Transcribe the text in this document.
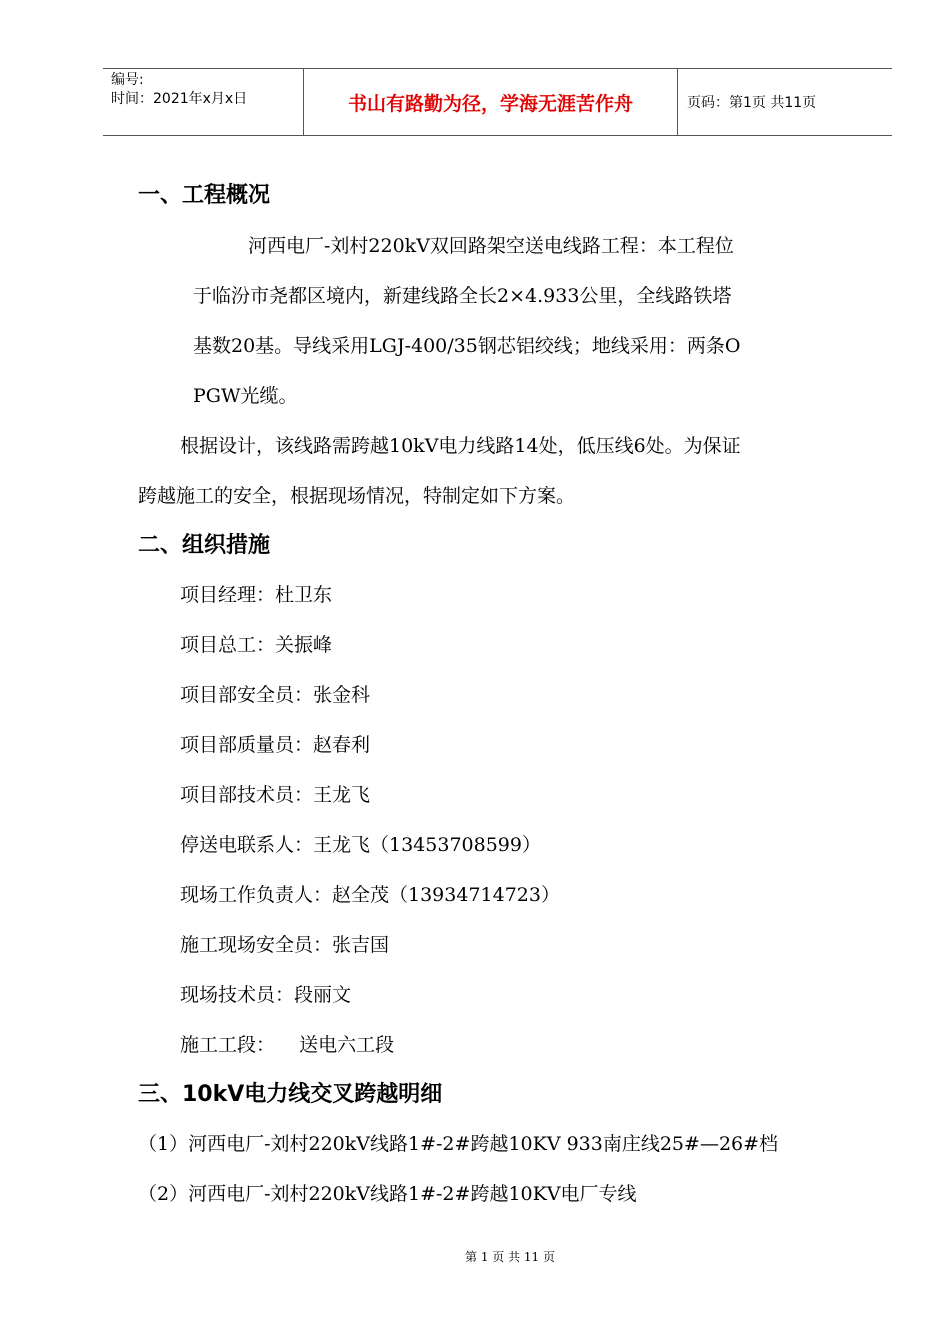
编号:
时间：2021年x月x日	书山有路勤为径，学海无涯苦作舟	页码：第1页 共11页
一、工程概况
河西电厂-刘村220kV双回路架空送电线路工程：本工程位
于临汾市尧都区境内，新建线路全长2×4.933公里，全线路铁塔
基数20基。导线采用LGJ-400/35钢芯铝绞线；地线采用：两条O
PGW光缆。
根据设计，该线路需跨越10kV电力线路14处，低压线6处。为保证
跨越施工的安全，根据现场情况，特制定如下方案。
二、组织措施
项目经理：杜卫东
项目总工：关振峰
项目部安全员：张金科
项目部质量员：赵春利
项目部技术员：王龙飞
停送电联系人：王龙飞（13453708599）
现场工作负责人：赵全茂（13934714723）
施工现场安全员：张吉国
现场技术员：段丽文
施工工段：    送电六工段
三、10kV电力线交叉跨越明细
（1）河西电厂-刘村220kV线路1#-2#跨越10KV 933南庄线25#—26#档
（2）河西电厂-刘村220kV线路1#-2#跨越10KV电厂专线
第 1 页 共 11 页
